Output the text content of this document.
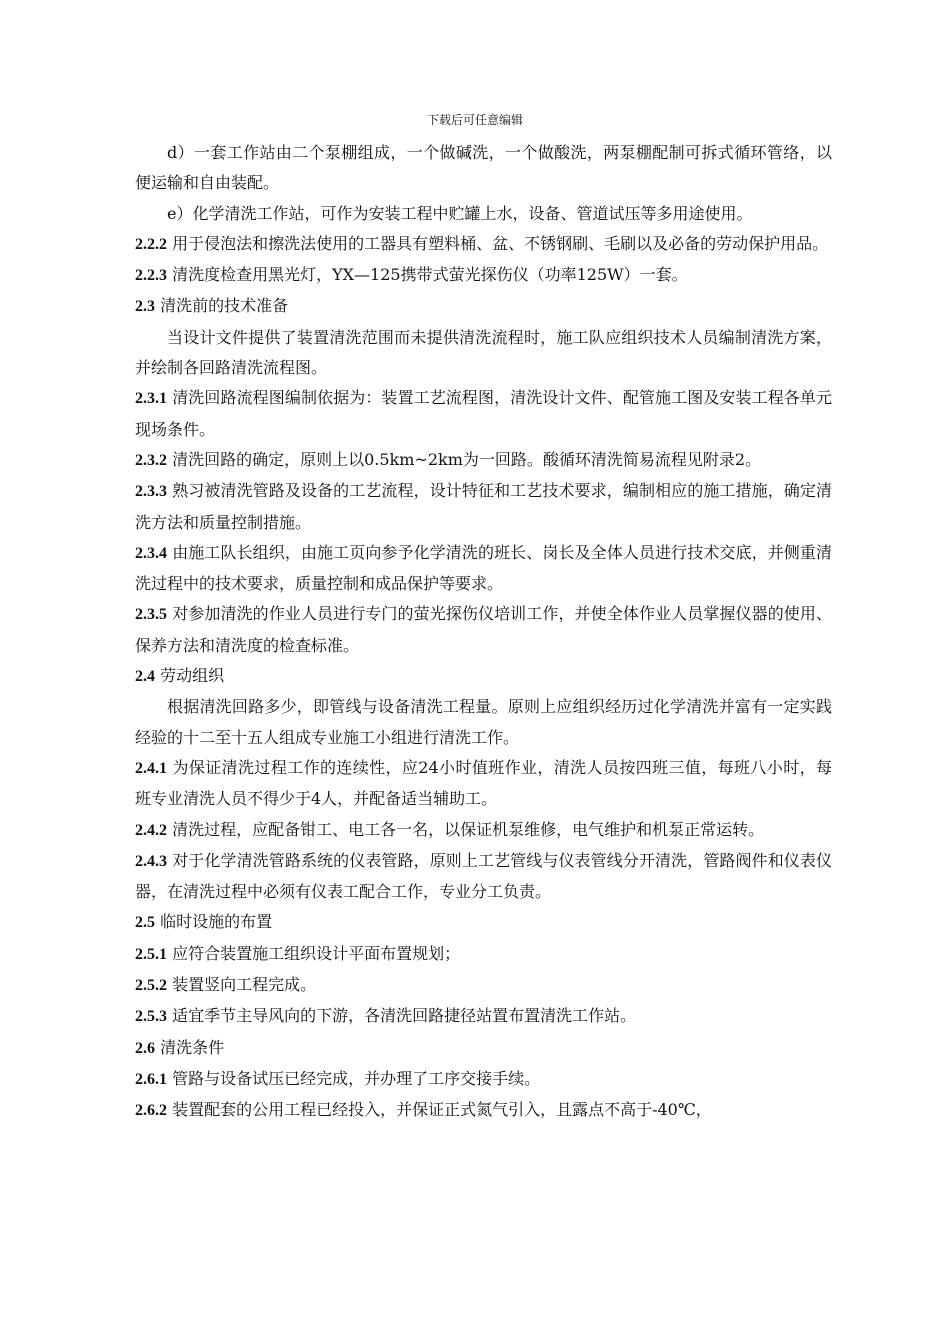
下载后可任意编辑

d）一套工作站由二个泵棚组成，一个做碱洗，一个做酸洗，两泵棚配制可拆式循环管络，以便运输和自由装配。

e）化学清洗工作站，可作为安装工程中贮罐上水，设备、管道试压等多用途使用。

2.2.2 用于侵泡法和擦洗法使用的工器具有塑料桶、盆、不锈钢刷、毛刷以及必备的劳动保护用品。

2.2.3 清洗度检查用黑光灯，YX—125携带式萤光探伤仪（功率125W）一套。

2.3 清洗前的技术准备

当设计文件提供了装置清洗范围而未提供清洗流程时，施工队应组织技术人员编制清洗方案，并绘制各回路清洗流程图。

2.3.1 清洗回路流程图编制依据为：装置工艺流程图，清洗设计文件、配管施工图及安装工程各单元现场条件。

2.3.2 清洗回路的确定，原则上以0.5km~2km为一回路。酸循环清洗简易流程见附录2。

2.3.3 熟习被清洗管路及设备的工艺流程，设计特征和工艺技术要求，编制相应的施工措施，确定清洗方法和质量控制措施。

2.3.4 由施工队长组织，由施工页向参予化学清洗的班长、岗长及全体人员进行技术交底，并侧重清洗过程中的技术要求，质量控制和成品保护等要求。

2.3.5 对参加清洗的作业人员进行专门的萤光探伤仪培训工作，并使全体作业人员掌握仪器的使用、保养方法和清洗度的检查标准。

2.4 劳动组织

根据清洗回路多少，即管线与设备清洗工程量。原则上应组织经历过化学清洗并富有一定实践经验的十二至十五人组成专业施工小组进行清洗工作。

2.4.1 为保证清洗过程工作的连续性，应24小时值班作业，清洗人员按四班三值，每班八小时，每班专业清洗人员不得少于4人，并配备适当辅助工。

2.4.2 清洗过程，应配备钳工、电工各一名，以保证机泵维修，电气维护和机泵正常运转。

2.4.3 对于化学清洗管路系统的仪表管路，原则上工艺管线与仪表管线分开清洗，管路阀件和仪表仪器，在清洗过程中必须有仪表工配合工作，专业分工负责。

2.5 临时设施的布置

2.5.1 应符合装置施工组织设计平面布置规划；

2.5.2 装置竖向工程完成。

2.5.3 适宜季节主导风向的下游，各清洗回路捷径站置布置清洗工作站。

2.6 清洗条件

2.6.1 管路与设备试压已经完成，并办理了工序交接手续。

2.6.2 装置配套的公用工程已经投入，并保证正式氮气引入，且露点不高于-40℃，
